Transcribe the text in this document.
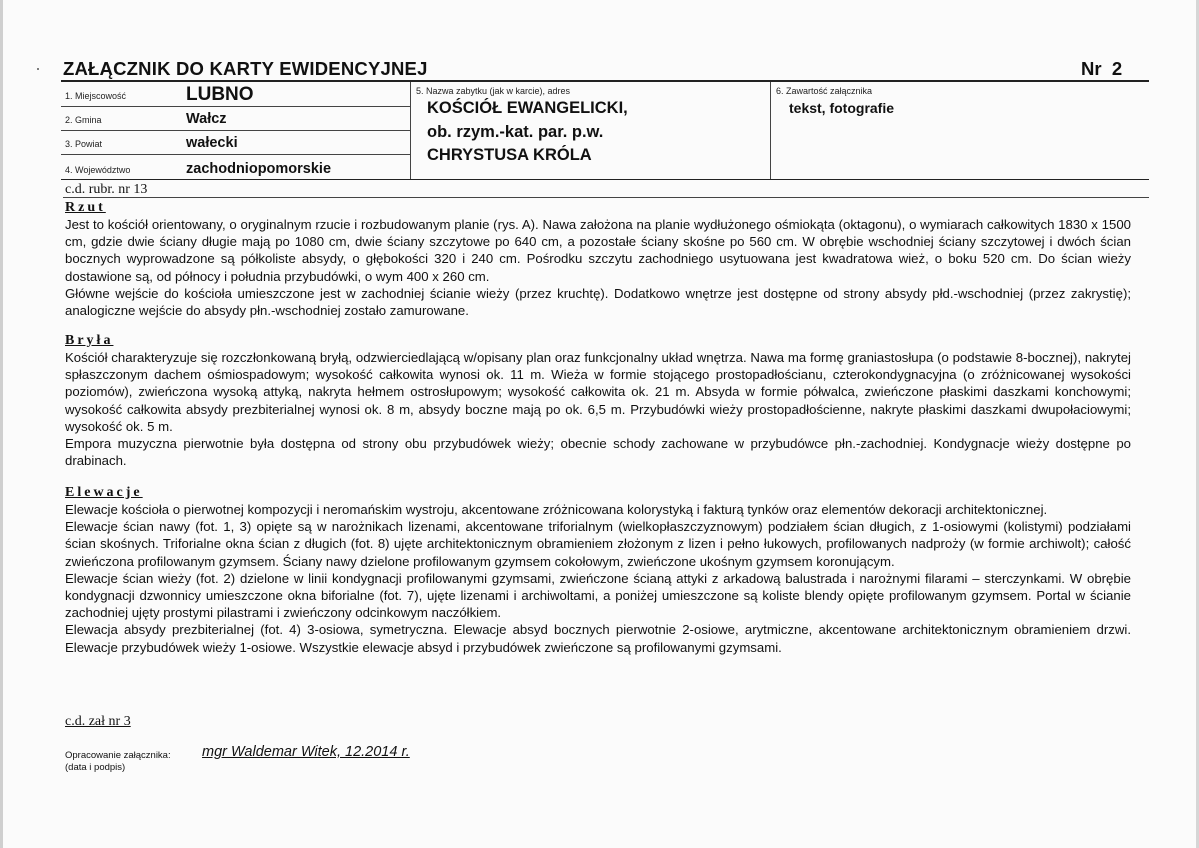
ZAŁĄCZNIK DO KARTY EWIDENCYJNEJ	Nr  2
1. Miejscowość	LUBNO
2. Gmina	Wałcz
3. Powiat	wałecki
4. Województwo	zachodniopomorskie
5. Nazwa zabytku (jak w karcie), adres
KOŚCIÓŁ EWANGELICKI,
ob. rzym.-kat. par. p.w.
CHRYSTUSA KRÓLA
6. Zawartość załącznika
tekst, fotografie
c.d. rubr. nr 13
Rzut
Jest to kościół orientowany, o oryginalnym rzucie i rozbudowanym planie (rys. A). Nawa założona na planie wydłużonego ośmiokąta (oktagonu), o wymiarach całkowitych 1830 x 1500 cm, gdzie dwie ściany długie mają po 1080 cm, dwie ściany szczytowe po 640 cm, a pozostałe ściany skośne po 560 cm. W obrębie wschodniej ściany szczytowej i dwóch ścian bocznych wyprowadzone są półkoliste absydy, o głębokości 320 i 240 cm. Pośrodku szczytu zachodniego usytuowana jest kwadratowa wież, o boku 520 cm. Do ścian wieży dostawione są, od północy i południa przybudówki, o wym 400 x 260 cm.
Główne wejście do kościoła umieszczone jest w zachodniej ścianie wieży (przez kruchtę). Dodatkowo wnętrze jest dostępne od strony absydy płd.-wschodniej (przez zakrystię); analogiczne wejście do absydy płn.-wschodniej zostało zamurowane.
Bryła
Kościół charakteryzuje się rozczłonkowaną bryłą, odzwierciedlającą w/opisany plan oraz funkcjonalny układ wnętrza. Nawa ma formę graniastosłupa (o podstawie 8-bocznej), nakrytej spłaszczonym dachem ośmiospadowym; wysokość całkowita wynosi ok. 11 m. Wieża w formie stojącego prostopadłościanu, czterokondygnacyjna (o zróżnicowanej wysokości poziomów), zwieńczona wysoką attyką, nakryta hełmem ostrosłupowym; wysokość całkowita ok. 21 m. Absyda w formie półwalca, zwieńczone płaskimi daszkami konchowymi; wysokość całkowita absydy prezbiterialnej wynosi ok. 8 m, absydy boczne mają po ok. 6,5 m. Przybudówki wieży prostopadłościenne, nakryte płaskimi daszkami dwupołaciowymi; wysokość ok. 5 m.
Empora muzyczna pierwotnie była dostępna od strony obu przybudówek wieży; obecnie schody zachowane w przybudówce płn.-zachodniej. Kondygnacje wieży dostępne po drabinach.
Elewacje
Elewacje kościoła o pierwotnej kompozycji i neromańskim wystroju, akcentowane zróżnicowana kolorystyką i fakturą tynków oraz elementów dekoracji architektonicznej.
Elewacje ścian nawy (fot. 1, 3) opięte są w narożnikach lizenami, akcentowane triforialnym (wielkopłaszczyznowym) podziałem ścian długich, z 1-osiowymi (kolistymi) podziałami ścian skośnych. Triforialne okna ścian z długich (fot. 8) ujęte architektonicznym obramieniem złożonym z lizen i pełno łukowych, profilowanych nadproży (w formie archiwolt); całość zwieńczona profilowanym gzymsem. Ściany nawy dzielone profilowanym gzymsem cokołowym, zwieńczone ukośnym gzymsem koronującym.
Elewacje ścian wieży (fot. 2) dzielone w linii kondygnacji profilowanymi gzymsami, zwieńczone ścianą attyki z arkadową balustrada i narożnymi filarami – sterczynkami. W obrębie kondygnacji dzwonnicy umieszczone okna biforialne (fot. 7), ujęte lizenami i archiwoltami, a poniżej umieszczone są koliste blendy opięte profilowanym gzymsem. Portal w ścianie zachodniej ujęty prostymi pilastrami i zwieńczony odcinkowym naczółkiem.
Elewacja absydy prezbiterialnej (fot. 4) 3-osiowa, symetryczna. Elewacje absyd bocznych pierwotnie 2-osiowe, arytmiczne, akcentowane architektonicznym obramieniem drzwi. Elewacje przybudówek wieży 1-osiowe. Wszystkie elewacje absyd i przybudówek zwieńczone są profilowanymi gzymsami.
c.d. zał nr 3
Opracowanie załącznika:
(data i podpis)
mgr Waldemar Witek, 12.2014 r.
